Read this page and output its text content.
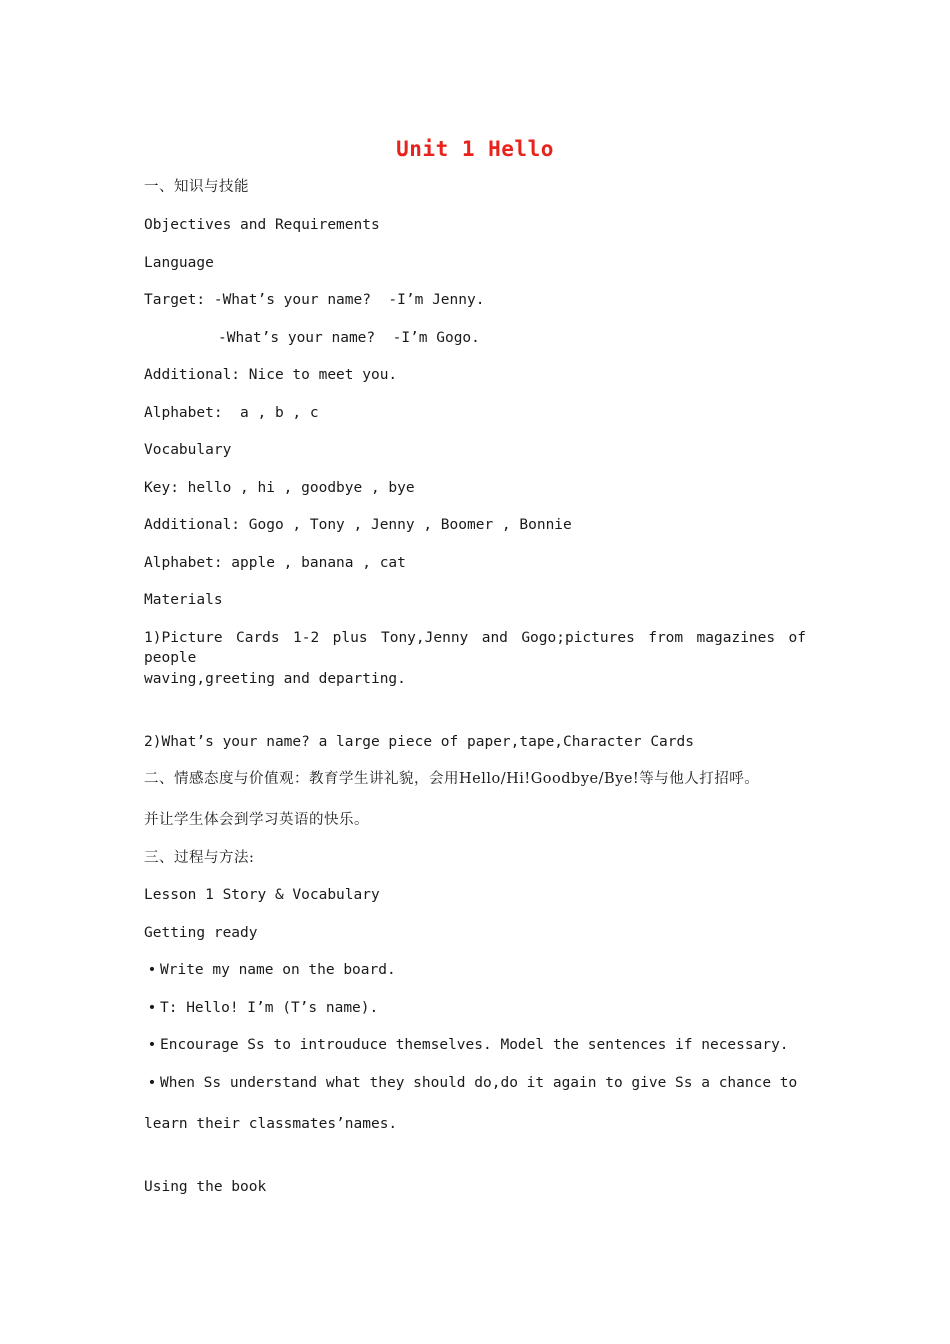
Unit 1 Hello
一、知识与技能
Objectives and Requirements
Language
Target: -What’s your name?  -I’m Jenny.
-What’s your name?  -I’m Gogo.
Additional: Nice to meet you.
Alphabet:  a , b , c
Vocabulary
Key: hello , hi , goodbye , bye
Additional: Gogo , Tony , Jenny , Boomer , Bonnie
Alphabet: apple , banana , cat
Materials
1)Picture Cards 1-2 plus Tony,Jenny and Gogo;pictures from magazines of people
waving,greeting and departing.
2)What’s your name? a large piece of paper,tape,Character Cards
二、情感态度与价值观：教育学生讲礼貌，会用Hello/Hi!Goodbye/Bye!等与他人打招呼。
并让学生体会到学习英语的快乐。
三、过程与方法:
Lesson 1 Story & Vocabulary
Getting ready
• Write my name on the board.
• T: Hello! I’m (T’s name).
• Encourage Ss to introuduce themselves. Model the sentences if necessary.
• When Ss understand what they should do,do it again to give Ss a chance to
learn their classmates’names.
Using the book
